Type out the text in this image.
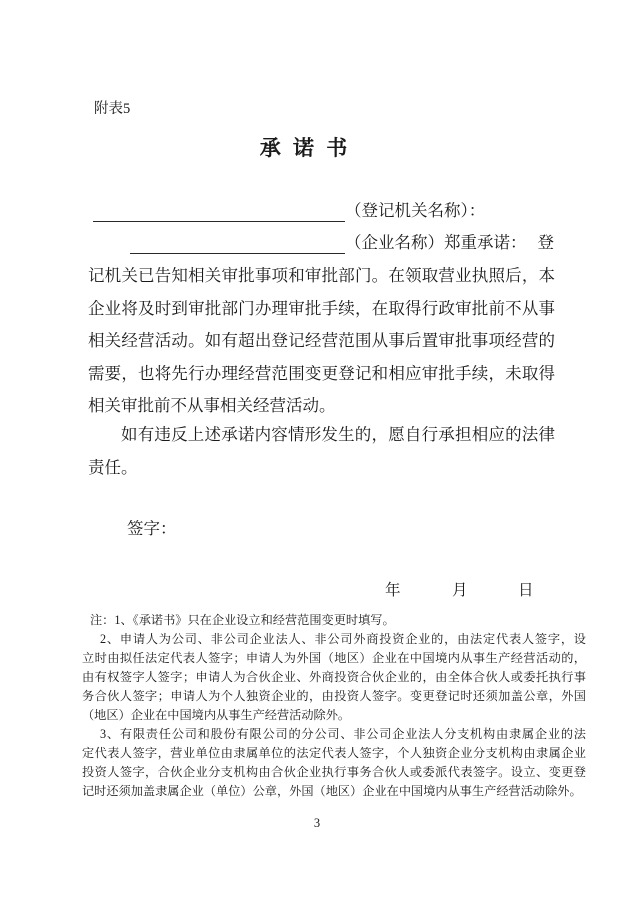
附表5
承 诺 书
（登记机关名称）：
（企业名称）郑重承诺： 登
记机关已告知相关审批事项和审批部门。在领取营业执照后，本
企业将及时到审批部门办理审批手续，在取得行政审批前不从事
相关经营活动。如有超出登记经营范围从事后置审批事项经营的
需要，也将先行办理经营范围变更登记和相应审批手续，未取得
相关审批前不从事相关经营活动。
如有违反上述承诺内容情形发生的，愿自行承担相应的法律
责任。
签字：
年	月	日
注：1、《承诺书》只在企业设立和经营范围变更时填写。
2、申请人为公司、非公司企业法人、非公司外商投资企业的，由法定代表人签字，设
立时由拟任法定代表人签字；申请人为外国（地区）企业在中国境内从事生产经营活动的，
由有权签字人签字；申请人为合伙企业、外商投资合伙企业的，由全体合伙人或委托执行事
务合伙人签字；申请人为个人独资企业的，由投资人签字。变更登记时还须加盖公章，外国
（地区）企业在中国境内从事生产经营活动除外。
3、有限责任公司和股份有限公司的分公司、非公司企业法人分支机构由隶属企业的法
定代表人签字，营业单位由隶属单位的法定代表人签字，个人独资企业分支机构由隶属企业
投资人签字，合伙企业分支机构由合伙企业执行事务合伙人或委派代表签字。设立、变更登
记时还须加盖隶属企业（单位）公章，外国（地区）企业在中国境内从事生产经营活动除外。
3
